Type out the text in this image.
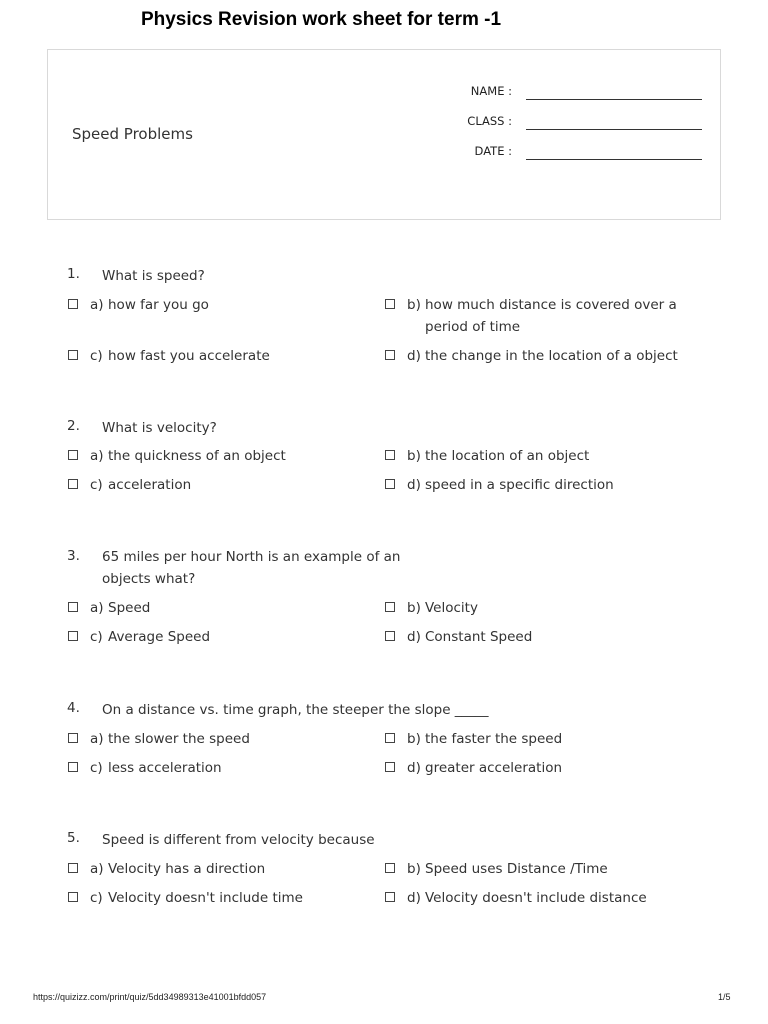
Physics Revision work sheet for term -1
Speed Problems
NAME :
CLASS :
DATE :
1. What is speed?
a) how far you go	b) how much distance is covered over a period of time
c) how fast you accelerate	d) the change in the location of a object
2. What is velocity?
a) the quickness of an object	b) the location of an object
c) acceleration	d) speed in a specific direction
3. 65 miles per hour North is an example of an objects what?
a) Speed	b) Velocity
c) Average Speed	d) Constant Speed
4. On a distance vs. time graph, the steeper the slope _____
a) the slower the speed	b) the faster the speed
c) less acceleration	d) greater acceleration
5. Speed is different from velocity because
a) Velocity has a direction	b) Speed uses Distance /Time
c) Velocity doesn't include time	d) Velocity doesn't include distance
https://quizizz.com/print/quiz/5dd34989313e41001bfdd057	1/5
